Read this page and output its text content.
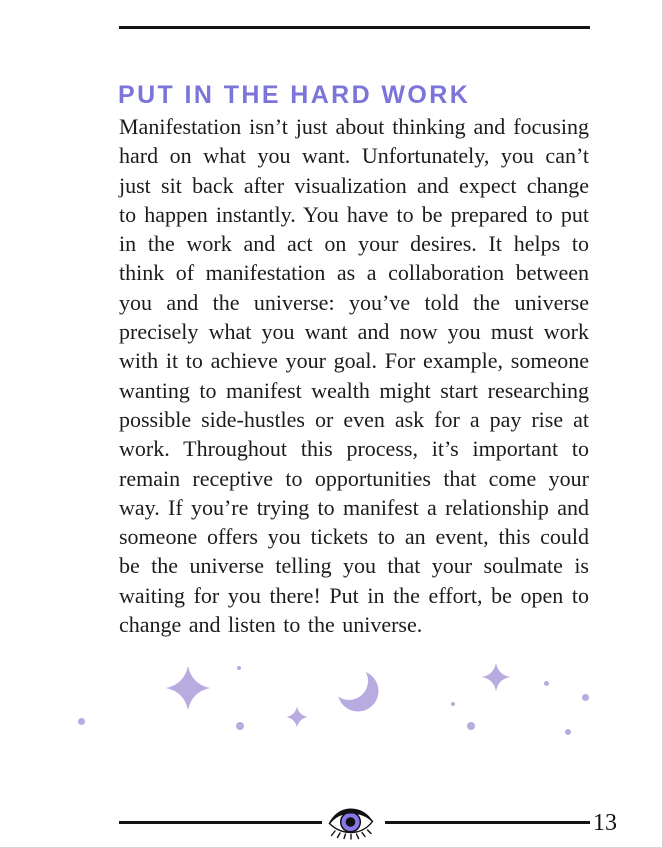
PUT IN THE HARD WORK

Manifestation isn’t just about thinking and focusing hard on what you want. Unfortunately, you can’t just sit back after visualization and expect change to happen instantly. You have to be prepared to put in the work and act on your desires. It helps to think of manifestation as a collaboration between you and the universe: you’ve told the universe precisely what you want and now you must work with it to achieve your goal. For example, someone wanting to manifest wealth might start researching possible side-hustles or even ask for a pay rise at work. Throughout this process, it’s important to remain receptive to opportunities that come your way. If you’re trying to manifest a relationship and someone offers you tickets to an event, this could be the universe telling you that your soulmate is waiting for you there! Put in the effort, be open to change and listen to the universe.

13
